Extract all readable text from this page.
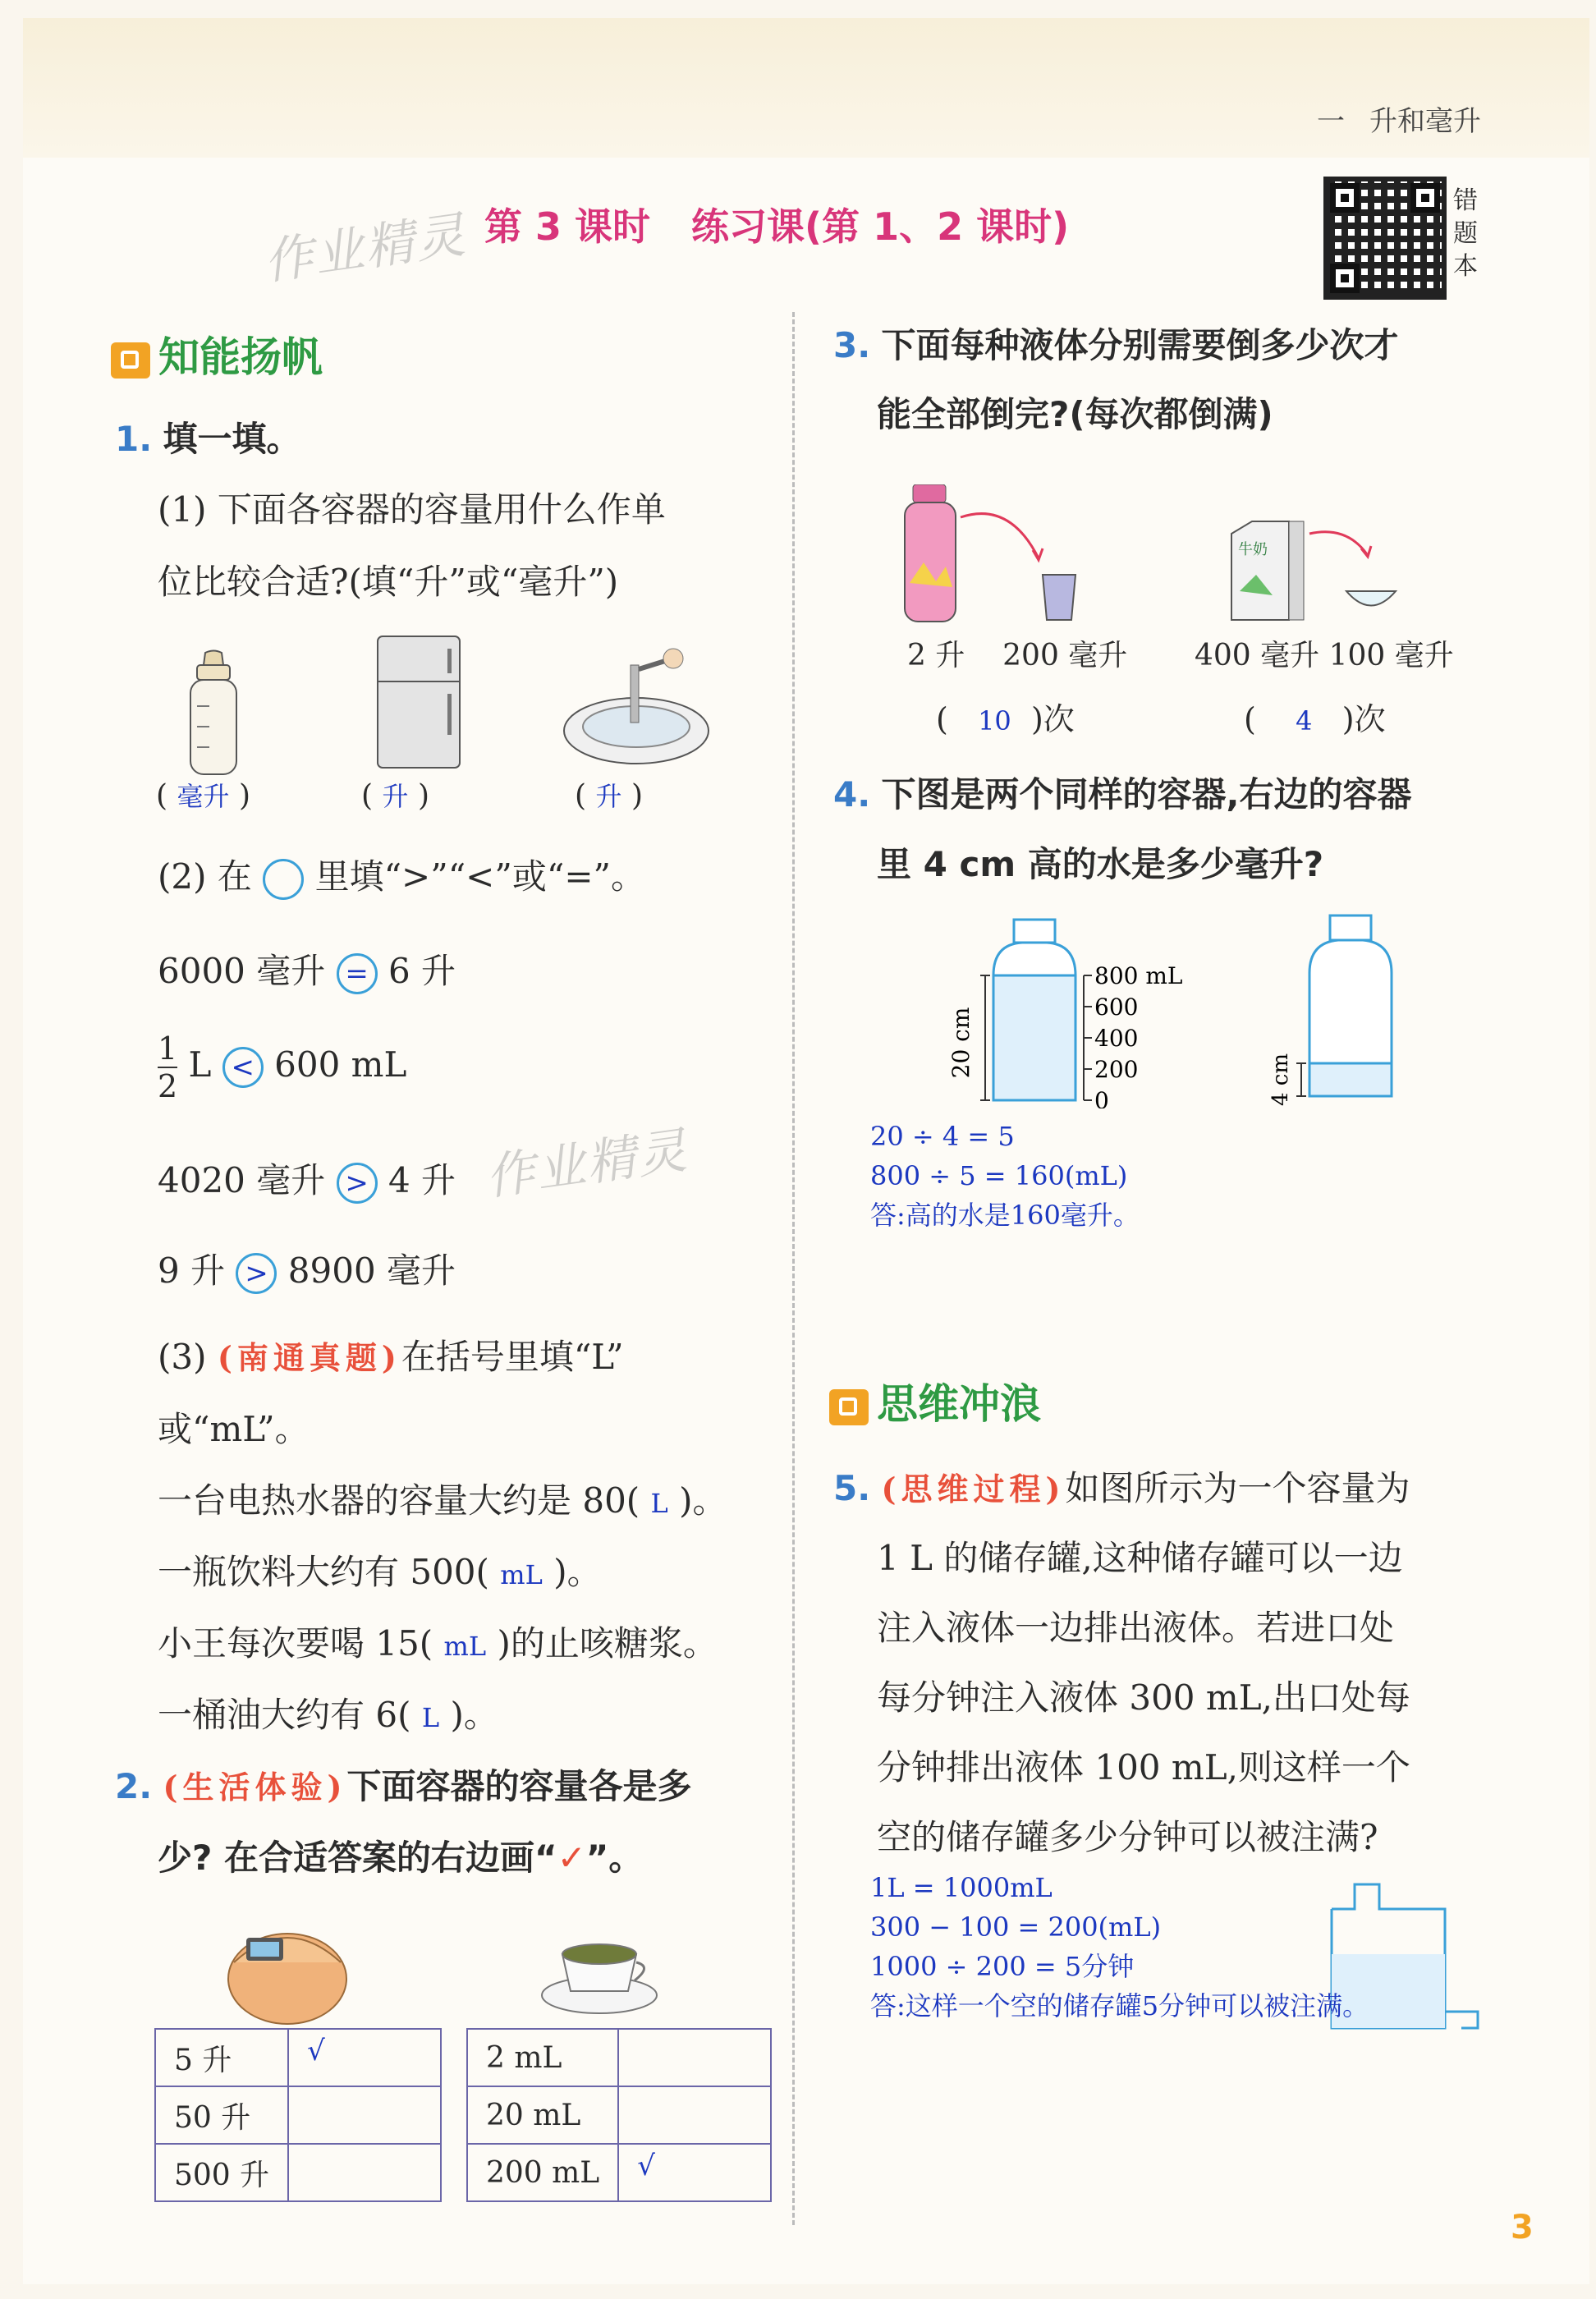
一 升和毫升
作业精灵
作业精灵
第 3 课时 练习课(第 1、2 课时)
错
题
本
知能扬帆
1. 填一填。
(1) 下面各容器的容量用什么作单
位比较合适?(填“升”或“毫升”)
( 毫升 )	( 升 )	( 升 )
(2) 在 里填“>”“<”或“=”。
6000 毫升 = 6 升
$\frac{1}{2}$ L < 600 mL
4020 毫升 > 4 升
9 升 > 8900 毫升
(3) (南通真题)在括号里填“L”
或“mL”。
一台电热水器的容量大约是 80( L )。
一瓶饮料大约有 500( mL )。
小王每次要喝 15( mL )的止咳糖浆。
一桶油大约有 6( L )。
2. (生活体验)下面容器的容量各是多
少? 在合适答案的右边画“✓”。
5 升	√
50 升	
500 升	
2 mL	
20 mL	
200 mL	√
3. 下面每种液体分别需要倒多少次才
能全部倒完?(每次都倒满)
牛奶
2 升 200 毫升 400 毫升 100 毫升
(   10  )次	(    4   )次
4. 下图是两个同样的容器,右边的容器
里 4 cm 高的水是多少毫升?
20 cm
800 mL
600
400
200
0	4 cm
20 ÷ 4 = 5
800 ÷ 5 = 160(mL)
答:高的水是160毫升。
思维冲浪
5. (思维过程)如图所示为一个容量为
1 L 的储存罐,这种储存罐可以一边
注入液体一边排出液体。若进口处
每分钟注入液体 300 mL,出口处每
分钟排出液体 100 mL,则这样一个
空的储存罐多少分钟可以被注满?
1L = 1000mL
300 − 100 = 200(mL)
1000 ÷ 200 = 5分钟
答:这样一个空的储存罐5分钟可以被注满。
3
